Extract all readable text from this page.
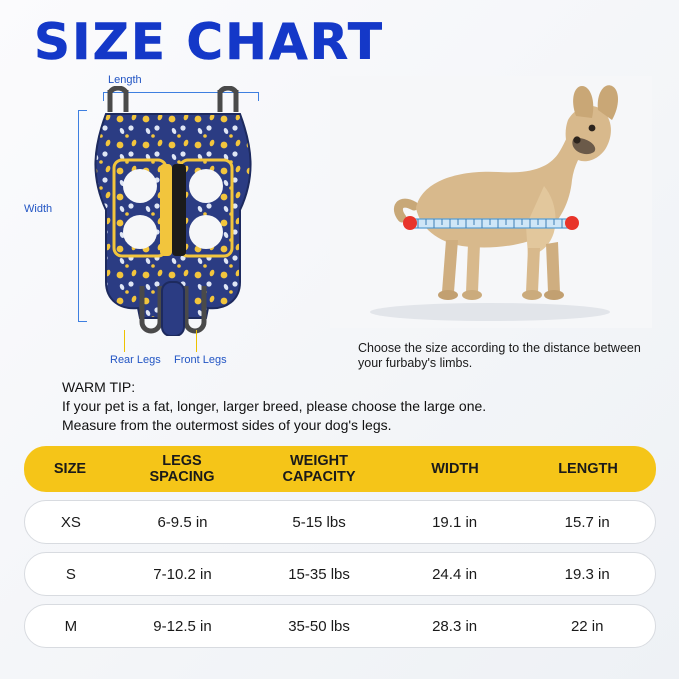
SIZE CHART
Length
Width
Rear Legs Front Legs
Choose the size according to the distance between your furbaby's limbs.
WARM TIP:
If your pet is a fat, longer, larger breed, please choose the large one.
Measure from the outermost sides of your dog's legs.
SIZE	LEGS
SPACING
WEIGHT
CAPACITY	WIDTH	LENGTH
XS	6-9.5 in	5-15 lbs	19.1 in	15.7 in
S	7-10.2 in	15-35 lbs	24.4 in	19.3 in
M	9-12.5 in	35-50 lbs	28.3 in	22 in
